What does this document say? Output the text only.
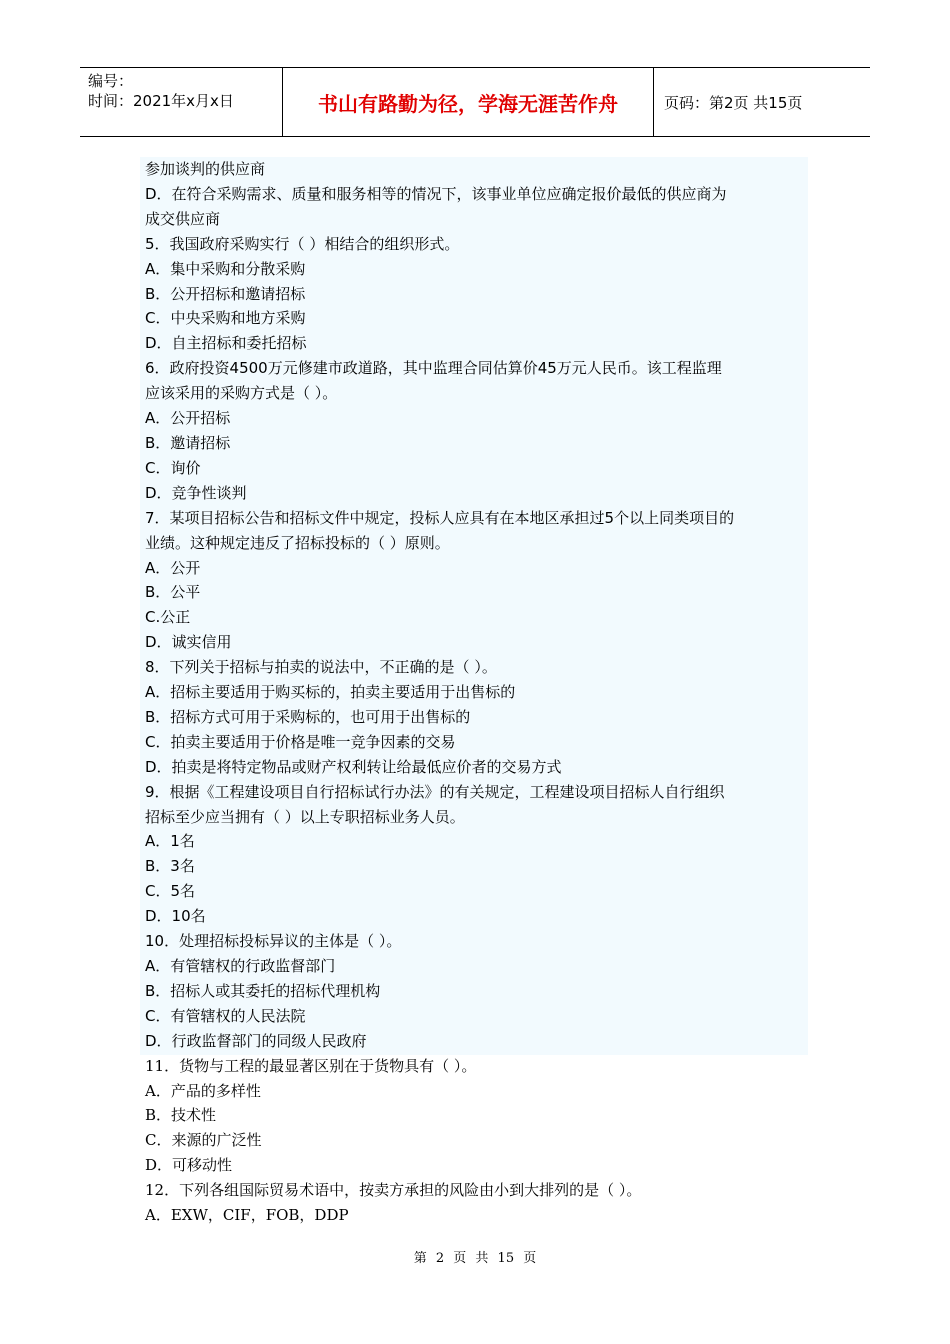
编号：
时间：2021年x月x日	书山有路勤为径，学海无涯苦作舟	页码：第2页 共15页
参加谈判的供应商
D．在符合采购需求、质量和服务相等的情况下，该事业单位应确定报价最低的供应商为
成交供应商
5．我国政府采购实行（ ）相结合的组织形式。
A．集中采购和分散采购
B．公开招标和邀请招标
C．中央采购和地方采购
D．自主招标和委托招标
6．政府投资4500万元修建市政道路，其中监理合同估算价45万元人民币。该工程监理
应该采用的采购方式是（ ）。
A．公开招标
B．邀请招标
C．询价
D．竞争性谈判
7．某项目招标公告和招标文件中规定，投标人应具有在本地区承担过5个以上同类项目的
业绩。这种规定违反了招标投标的（ ）原则。
A．公开
B．公平
C.公正
D．诚实信用
8．下列关于招标与拍卖的说法中，不正确的是（ ）。
A．招标主要适用于购买标的，拍卖主要适用于出售标的
B．招标方式可用于采购标的，也可用于出售标的
C．拍卖主要适用于价格是唯一竞争因素的交易
D．拍卖是将特定物品或财产权利转让给最低应价者的交易方式
9．根据《工程建设项目自行招标试行办法》的有关规定，工程建设项目招标人自行组织
招标至少应当拥有（ ）以上专职招标业务人员。
A．1名
B．3名
C．5名
D．10名
10．处理招标投标异议的主体是（ ）。
A．有管辖权的行政监督部门
B．招标人或其委托的招标代理机构
C．有管辖权的人民法院
D．行政监督部门的同级人民政府
11．货物与工程的最显著区别在于货物具有（ ）。
A．产品的多样性
B．技术性
C．来源的广泛性
D．可移动性
12．下列各组国际贸易术语中，按卖方承担的风险由小到大排列的是（ ）。
A．EXW，CIF，FOB，DDP
第 2 页 共 15 页
